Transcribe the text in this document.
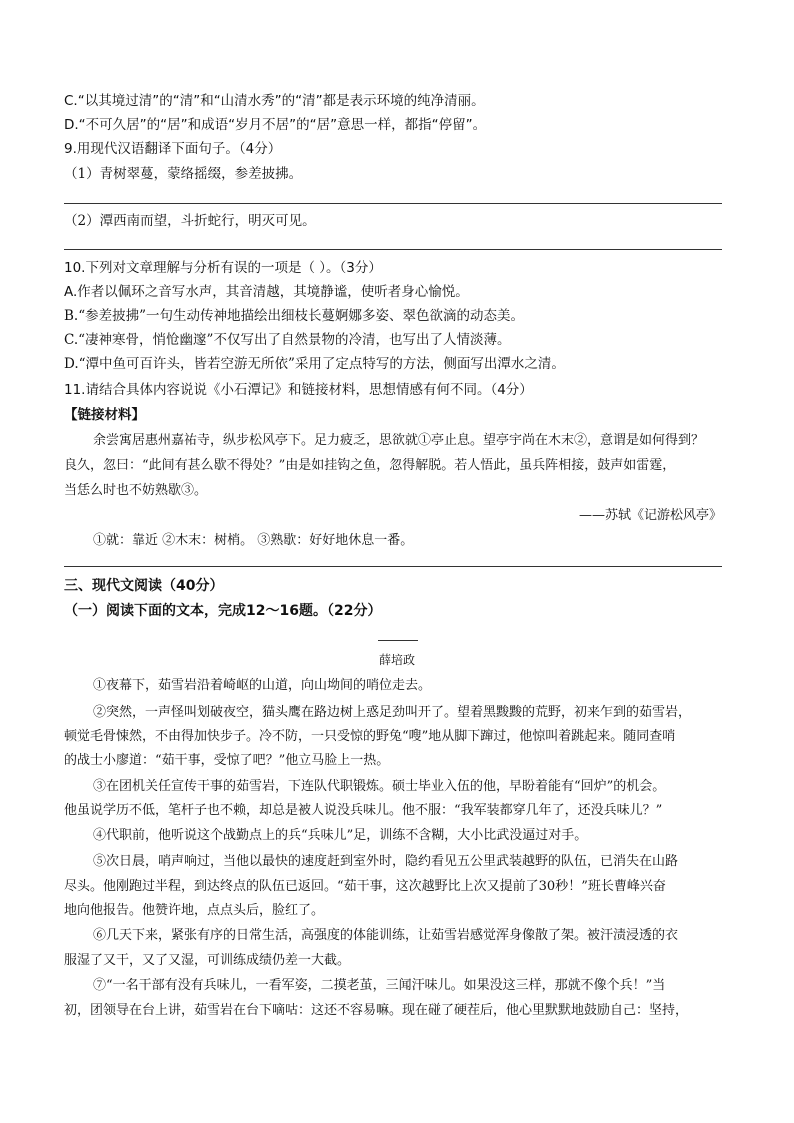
C.“以其境过清”的“清”和“山清水秀”的“清”都是表示环境的纯净清丽。
D.“不可久居”的“居”和成语“岁月不居”的“居”意思一样，都指“停留”。
9.用现代汉语翻译下面句子。（4分）
（1）青树翠蔓，蒙络摇缀，参差披拂。
（2）潭西南而望，斗折蛇行，明灭可见。
10.下列对文章理解与分析有误的一项是（ ）。（3分）
A.作者以佩环之音写水声，其音清越，其境静谧，使听者身心愉悦。
B.“参差披拂”一句生动传神地描绘出细枝长蔓婀娜多姿、翠色欲滴的动态美。
C.“凄神寒骨，悄怆幽邃”不仅写出了自然景物的冷清，也写出了人情淡薄。
D.“潭中鱼可百许头，皆若空游无所依”采用了定点特写的方法，侧面写出潭水之清。
11.请结合具体内容说说《小石潭记》和链接材料，思想情感有何不同。（4分）
【链接材料】
余尝寓居惠州嘉祐寺，纵步松风亭下。足力疲乏，思欲就①亭止息。望亭宇尚在木末②，意谓是如何得到？
良久，忽曰：“此间有甚么歇不得处？”由是如挂钩之鱼，忽得解脱。若人悟此，虽兵阵相接，鼓声如雷霆，
当恁么时也不妨熟歇③。
——苏轼《记游松风亭》
①就：靠近 ②木末：树梢。 ③熟歇：好好地休息一番。
三、现代文阅读（40分）
（一）阅读下面的文本，完成12～16题。（22分）
薛培政
①夜幕下，茹雪岩沿着崎岖的山道，向山坳间的哨位走去。
②突然，一声怪叫划破夜空，猫头鹰在路边树上惑足劲叫开了。望着黑黢黢的荒野，初来乍到的茹雪岩，
顿觉毛骨悚然，不由得加快步子。冷不防，一只受惊的野兔“嗖”地从脚下蹿过，他惊叫着跳起来。随同查哨
的战士小廖道：“茹干事，受惊了吧？”他立马脸上一热。
③在团机关任宣传干事的茹雪岩，下连队代职锻炼。硕士毕业入伍的他，早盼着能有“回炉”的机会。
他虽说学历不低，笔杆子也不赖，却总是被人说没兵味儿。他不服：“我军装都穿几年了，还没兵味儿？”
④代职前，他听说这个战勤点上的兵“兵味儿”足，训练不含糊，大小比武没逼过对手。
⑤次日晨，哨声响过，当他以最快的速度赶到室外时，隐约看见五公里武装越野的队伍，已消失在山路
尽头。他刚跑过半程，到达终点的队伍已返回。“茹干事，这次越野比上次又提前了30秒！”班长曹峰兴奋
地向他报告。他赞许地，点点头后，脸红了。
⑥几天下来，紧张有序的日常生活，高强度的体能训练，让茹雪岩感觉浑身像散了架。被汗渍浸透的衣
服湿了又干，又了又湿，可训练成绩仍差一大截。
⑦“一名干部有没有兵味儿，一看军姿，二摸老茧，三闻汗味儿。如果没这三样，那就不像个兵！”当
初，团领导在台上讲，茹雪岩在台下嘀咕：这还不容易嘛。现在碰了硬茬后，他心里默默地鼓励自己：坚持，
